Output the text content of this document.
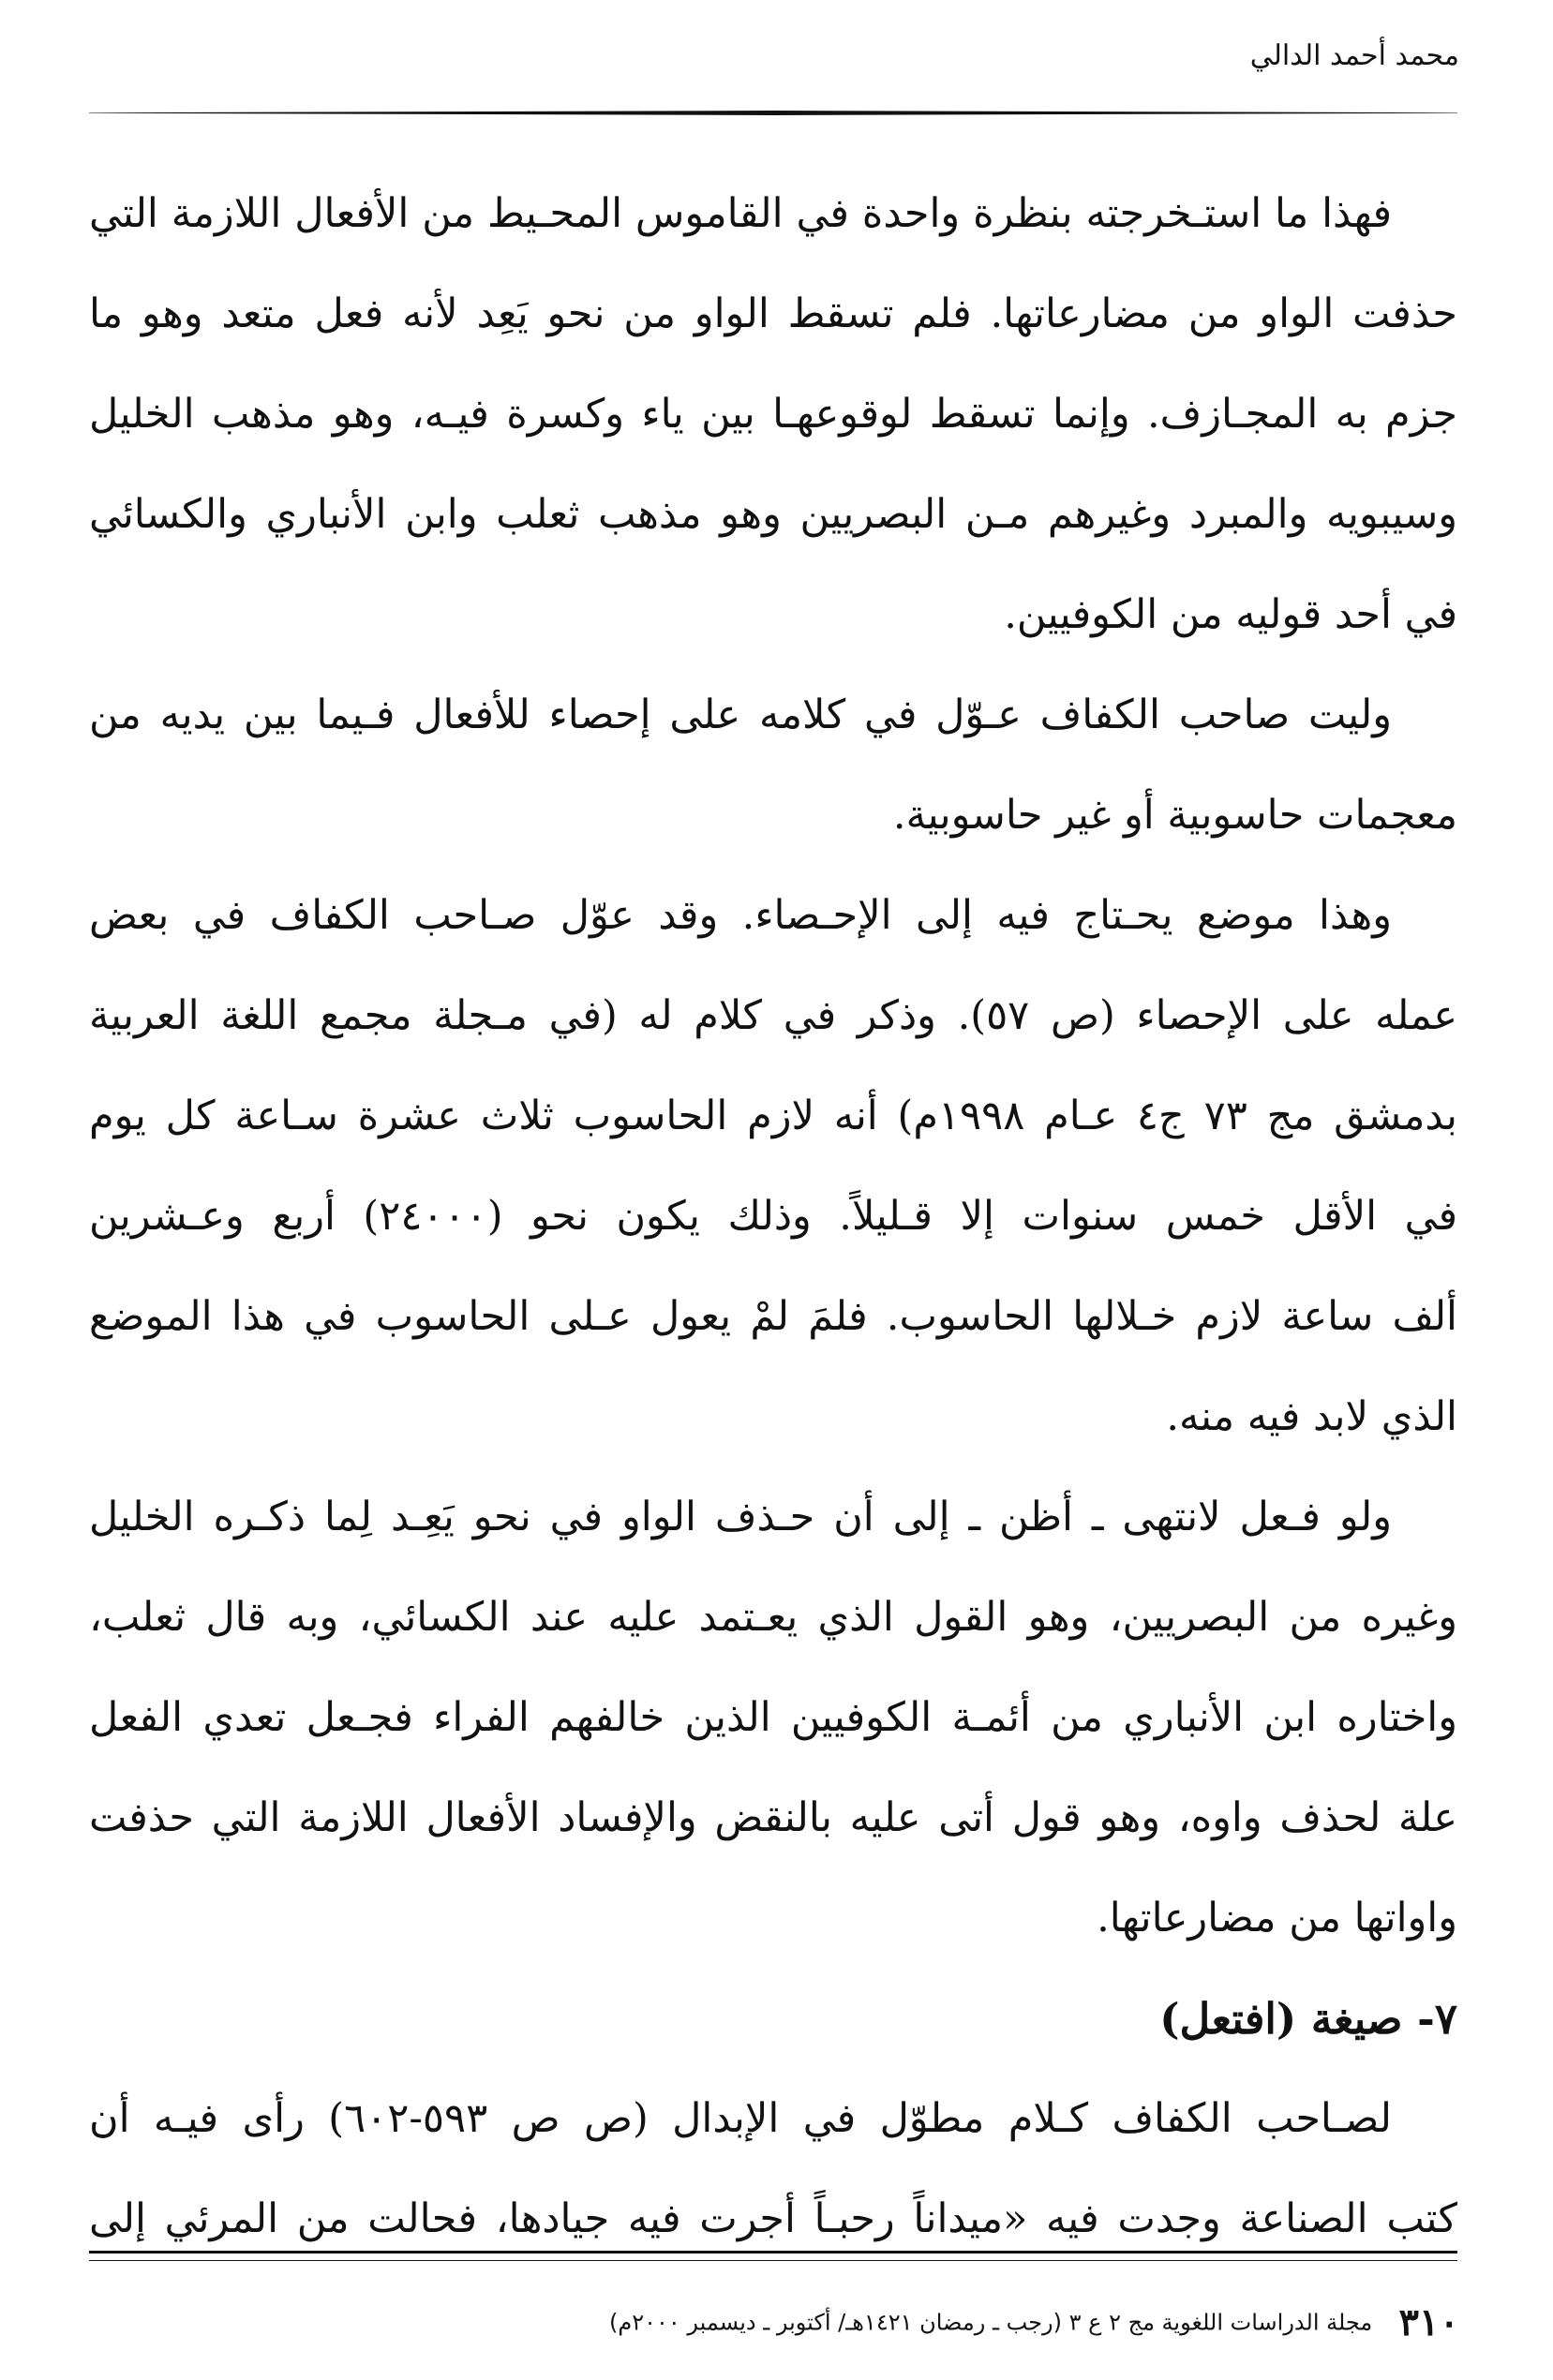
محمد أحمد الدالي
فهذا ما استـخرجته بنظرة واحدة في القاموس المحـيط من الأفعال اللازمة التي
حذفت الواو من مضارعاتها. فلم تسقط الواو من نحو يَعِد لأنه فعل متعد وهو ما
جزم به المجـازف. وإنما تسقط لوقوعهـا بين ياء وكسرة فيـه، وهو مذهب الخليل
وسيبويه والمبرد وغيرهم مـن البصريين وهو مذهب ثعلب وابن الأنباري والكسائي
في أحد قوليه من الكوفيين.
وليت صاحب الكفاف عـوّل في كلامه على إحصاء للأفعال فـيما بين يديه من
معجمات حاسوبية أو غير حاسوبية.
وهذا موضع يحـتاج فيه إلى الإحـصاء. وقد عوّل صـاحب الكفاف في بعض
عمله على الإحصاء (ص ٥٧). وذكر في كلام له (في مـجلة مجمع اللغة العربية
بدمشق مج ٧٣ ج٤ عـام ١٩٩٨م) أنه لازم الحاسوب ثلاث عشرة سـاعة كل يوم
في الأقل خمس سنوات إلا قـليلاً. وذلك يكون نحو (٢٤٠٠٠) أربع وعـشرين
ألف ساعة لازم خـلالها الحاسوب. فلمَ لمْ يعول عـلى الحاسوب في هذا الموضع
الذي لابد فيه منه.
ولو فـعل لانتهى ـ أظن ـ إلى أن حـذف الواو في نحو يَعِـد لِما ذكـره الخليل
وغيره من البصريين، وهو القول الذي يعـتمد عليه عند الكسائي، وبه قال ثعلب،
واختاره ابن الأنباري من أئمـة الكوفيين الذين خالفهم الفراء فجـعل تعدي الفعل
علة لحذف واوه، وهو قول أتى عليه بالنقض والإفساد الأفعال اللازمة التي حذفت
واواتها من مضارعاتها.
٧- صيغة (افتعل)
لصـاحب الكفاف كـلام مطوّل في الإبدال (ص ص ٥٩٣-٦٠٢) رأى فيـه أن
كتب الصناعة وجدت فيه «ميداناً رحبـاً أجرت فيه جيادها، فحالت من المرئي إلى
٣١٠ مجلة الدراسات اللغوية مج ٢ ع ٣ (رجب ـ رمضان ١٤٢١هـ/ أكتوبر ـ ديسمبر ٢٠٠٠م)
